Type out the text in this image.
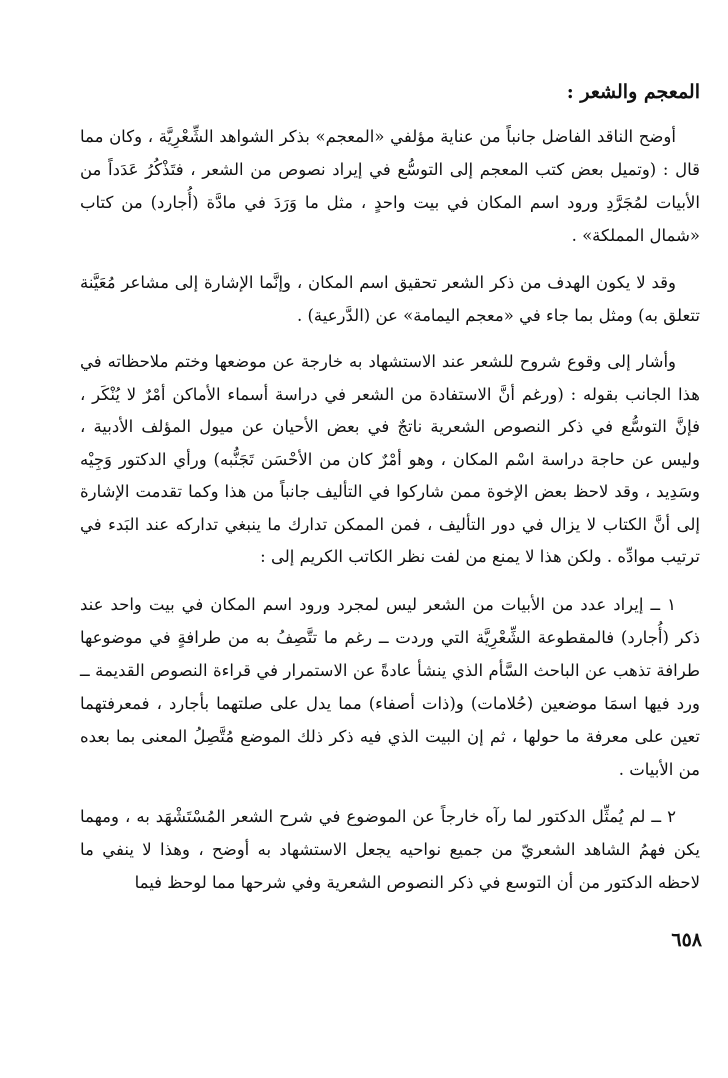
المعجم والشعر :

أوضح الناقد الفاضل جانباً من عناية مؤلفي «المعجم» بذكر الشواهد الشِّعْرِيَّة ، وكان مما قال : (وتميل بعض كتب المعجم إلى التوسُّع في إيراد نصوص من الشعر ، فتَذْكُرُ عَدَداً من الأبيات لمُجَرَّدِ ورود اسم المكان في بيت واحدٍ ، مثل ما وَرَدَ في مادَّة (أُجارد) من كتاب «شمال المملكة» .

وقد لا يكون الهدف من ذكر الشعر تحقيق اسم المكان ، وإنَّما الإشارة إلى مشاعر مُعَيَّنة تتعلق به) ومثل بما جاء في «معجم اليمامة» عن (الدَّرعية) .

وأشار إلى وقوع شروح للشعر عند الاستشهاد به خارجة عن موضعها وختم ملاحظاته في هذا الجانب بقوله : (ورغم أنَّ الاستفادة من الشعر في دراسة أسماء الأماكن أمْرٌ لا يُنْكَر ، فإنَّ التوسُّع في ذكر النصوص الشعرية ناتجٌ في بعض الأحيان عن ميول المؤلف الأدبية ، وليس عن حاجة دراسة اسْم المكان ، وهو أمْرٌ كان من الأحْسَن تَجَنُّبه) ورأي الدكتور وَجِيْه وسَدِيد ، وقد لاحظ بعض الإخوة ممن شاركوا في التأليف جانباً من هذا وكما تقدمت الإشارة إلى أنَّ الكتاب لا يزال في دور التأليف ، فمن الممكن تدارك ما ينبغي تداركه عند البَدء في ترتيب موادِّه . ولكن هذا لا يمنع من لفت نظر الكاتب الكريم إلى :

١ ــ إيراد عدد من الأبيات من الشعر ليس لمجرد ورود اسم المكان في بيت واحد عند ذكر (أُجارد) فالمقطوعة الشِّعْرِيَّة التي وردت ــ رغم ما تتَّصِفُ به من طرافةٍ في موضوعها طرافة تذهب عن الباحث السَّأم الذي ينشأ عادةً عن الاستمرار في قراءة النصوص القديمة ــ ورد فيها اسمَا موضعين (حُلامات) و(ذات أصفاء) مما يدل على صلتهما بأجارد ، فمعرفتهما تعين على معرفة ما حولها ، ثم إن البيت الذي فيه ذكر ذلك الموضع مُتَّصِلُ المعنى بما بعده من الأبيات .

٢ ــ لم يُمثِّل الدكتور لما رآه خارجاً عن الموضوع في شرح الشعر المُسْتَشْهَد به ، ومهما يكن فهمُ الشاهد الشعريّ من جميع نواحيه يجعل الاستشهاد به أوضح ، وهذا لا ينفي ما لاحظه الدكتور من أن التوسع في ذكر النصوص الشعرية وفي شرحها مما لوحظ فيما

٦٥٨
